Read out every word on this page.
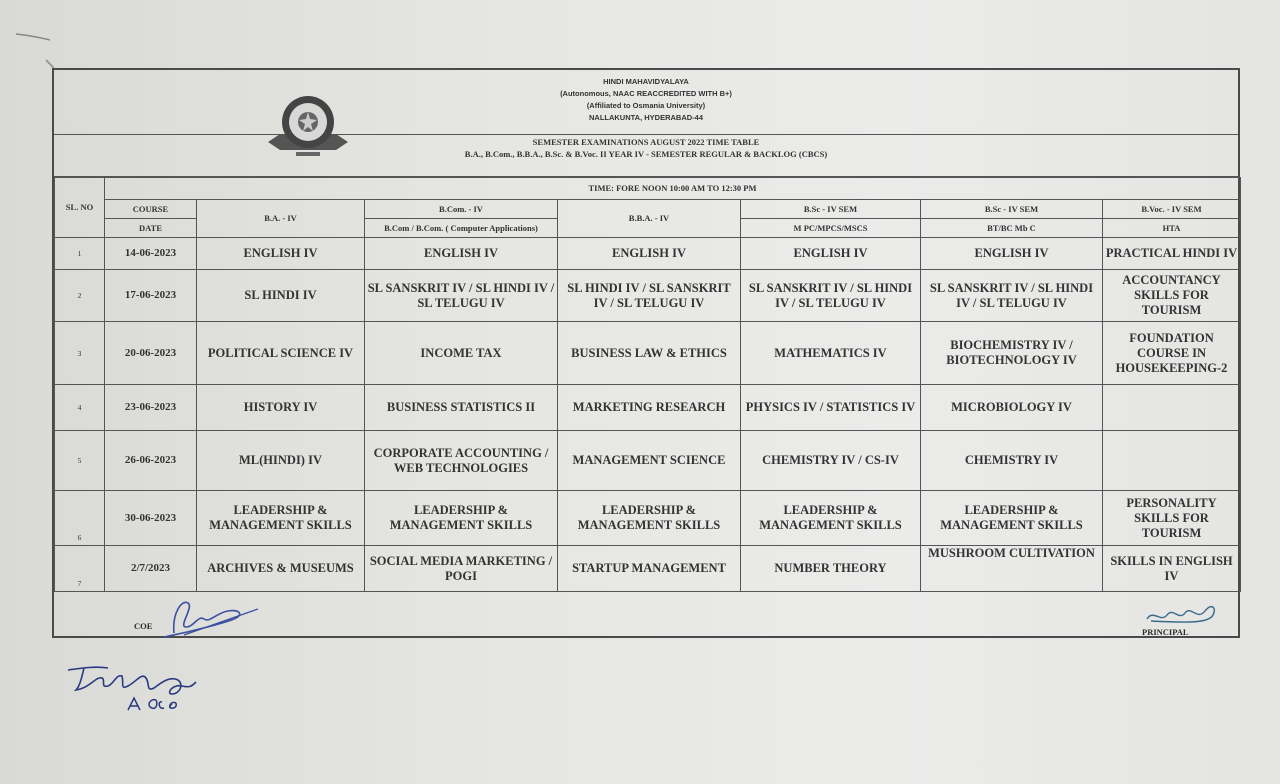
HINDI MAHAVIDYALAYA
(Autonomous, NAAC REACCREDITED WITH B+)
(Affiliated to Osmania University)
NALLAKUNTA, HYDERABAD-44
SEMESTER EXAMINATIONS AUGUST 2022 TIME TABLE
B.A., B.Com., B.B.A., B.Sc. & B.Voc. II YEAR IV - SEMESTER REGULAR & BACKLOG (CBCS)
SL. NO	TIME: FORE NOON 10:00 AM TO 12:30 PM						
	COURSE	B.A. - IV	B.Com. - IV	B.B.A. - IV	B.Sc - IV SEM	B.Sc - IV SEM	B.Voc. - IV SEM
	DATE		B.Com / B.Com. ( Computer Applications)		M PC/MPCS/MSCS	BT/BC Mb C	HTA
1	14-06-2023	ENGLISH IV	ENGLISH IV	ENGLISH IV	ENGLISH IV	ENGLISH IV	PRACTICAL HINDI IV
2	17-06-2023	SL HINDI IV	SL SANSKRIT IV / SL HINDI IV / SL TELUGU IV	SL HINDI IV / SL SANSKRIT IV / SL TELUGU IV	SL SANSKRIT IV / SL HINDI IV / SL TELUGU IV	SL SANSKRIT IV / SL HINDI IV / SL TELUGU IV	ACCOUNTANCY SKILLS FOR TOURISM
3	20-06-2023	POLITICAL SCIENCE IV	INCOME TAX	BUSINESS LAW & ETHICS	MATHEMATICS IV	BIOCHEMISTRY IV / BIOTECHNOLOGY IV	FOUNDATION COURSE IN HOUSEKEEPING-2
4	23-06-2023	HISTORY IV	BUSINESS STATISTICS II	MARKETING RESEARCH	PHYSICS IV / STATISTICS IV	MICROBIOLOGY IV	
5	26-06-2023	ML(HINDI) IV	CORPORATE ACCOUNTING / WEB TECHNOLOGIES	MANAGEMENT SCIENCE	CHEMISTRY IV / CS-IV	CHEMISTRY IV	
6	30-06-2023	LEADERSHIP & MANAGEMENT SKILLS	LEADERSHIP & MANAGEMENT SKILLS	LEADERSHIP & MANAGEMENT SKILLS	LEADERSHIP & MANAGEMENT SKILLS	LEADERSHIP & MANAGEMENT SKILLS	PERSONALITY SKILLS FOR TOURISM
7	2/7/2023	ARCHIVES & MUSEUMS	SOCIAL MEDIA MARKETING / POGI	STARTUP MANAGEMENT	NUMBER THEORY	MUSHROOM CULTIVATION	SKILLS IN ENGLISH IV
COE
PRINCIPAL
